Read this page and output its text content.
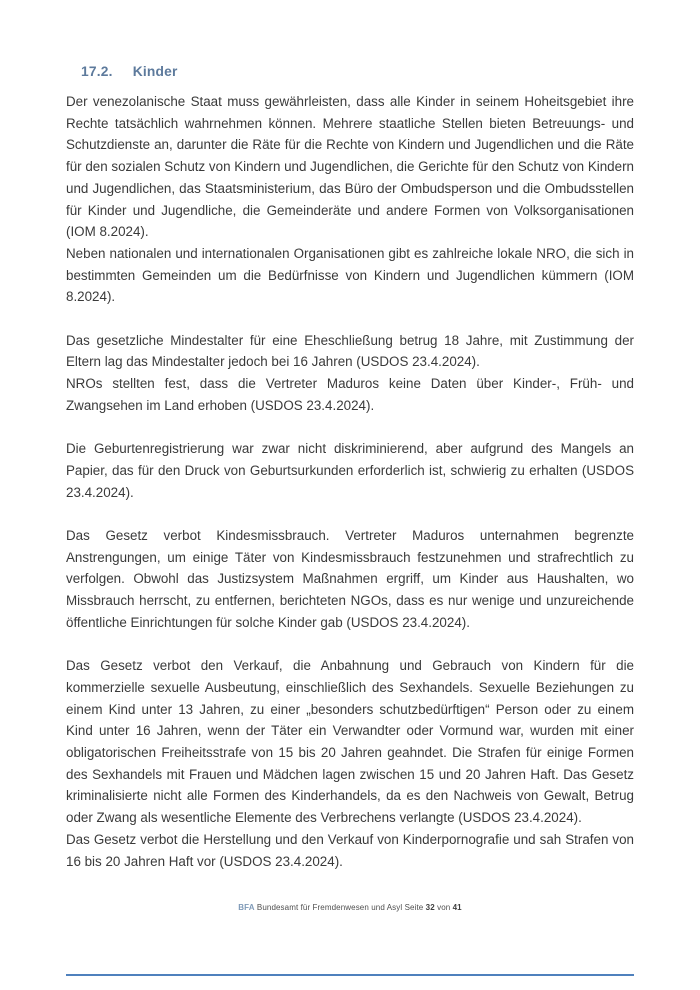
17.2. Kinder

Der venezolanische Staat muss gewährleisten, dass alle Kinder in seinem Hoheitsgebiet ihre Rechte tatsächlich wahrnehmen können. Mehrere staatliche Stellen bieten Betreuungs- und Schutzdienste an, darunter die Räte für die Rechte von Kindern und Jugendlichen und die Räte für den sozialen Schutz von Kindern und Jugendlichen, die Gerichte für den Schutz von Kindern und Jugendlichen, das Staatsministerium, das Büro der Ombudsperson und die Ombudsstellen für Kinder und Jugendliche, die Gemeinderäte und andere Formen von Volksorganisationen (IOM 8.2024).

Neben nationalen und internationalen Organisationen gibt es zahlreiche lokale NRO, die sich in bestimmten Gemeinden um die Bedürfnisse von Kindern und Jugendlichen kümmern (IOM 8.2024).

Das gesetzliche Mindestalter für eine Eheschließung betrug 18 Jahre, mit Zustimmung der Eltern lag das Mindestalter jedoch bei 16 Jahren (USDOS 23.4.2024).

NROs stellten fest, dass die Vertreter Maduros keine Daten über Kinder-, Früh- und Zwangsehen im Land erhoben (USDOS 23.4.2024).

Die Geburtenregistrierung war zwar nicht diskriminierend, aber aufgrund des Mangels an Papier, das für den Druck von Geburtsurkunden erforderlich ist, schwierig zu erhalten (USDOS 23.4.2024).

Das Gesetz verbot Kindesmissbrauch. Vertreter Maduros unternahmen begrenzte Anstrengungen, um einige Täter von Kindesmissbrauch festzunehmen und strafrechtlich zu verfolgen. Obwohl das Justizsystem Maßnahmen ergriff, um Kinder aus Haushalten, wo Missbrauch herrscht, zu entfernen, berichteten NGOs, dass es nur wenige und unzureichende öffentliche Einrichtungen für solche Kinder gab (USDOS 23.4.2024).

Das Gesetz verbot den Verkauf, die Anbahnung und Gebrauch von Kindern für die kommerzielle sexuelle Ausbeutung, einschließlich des Sexhandels. Sexuelle Beziehungen zu einem Kind unter 13 Jahren, zu einer „besonders schutzbedürftigen“ Person oder zu einem Kind unter 16 Jahren, wenn der Täter ein Verwandter oder Vormund war, wurden mit einer obligatorischen Freiheitsstrafe von 15 bis 20 Jahren geahndet. Die Strafen für einige Formen des Sexhandels mit Frauen und Mädchen lagen zwischen 15 und 20 Jahren Haft. Das Gesetz kriminalisierte nicht alle Formen des Kinderhandels, da es den Nachweis von Gewalt, Betrug oder Zwang als wesentliche Elemente des Verbrechens verlangte (USDOS 23.4.2024).

Das Gesetz verbot die Herstellung und den Verkauf von Kinderpornografie und sah Strafen von 16 bis 20 Jahren Haft vor (USDOS 23.4.2024).

BFA Bundesamt für Fremdenwesen und Asyl Seite 32 von 41
